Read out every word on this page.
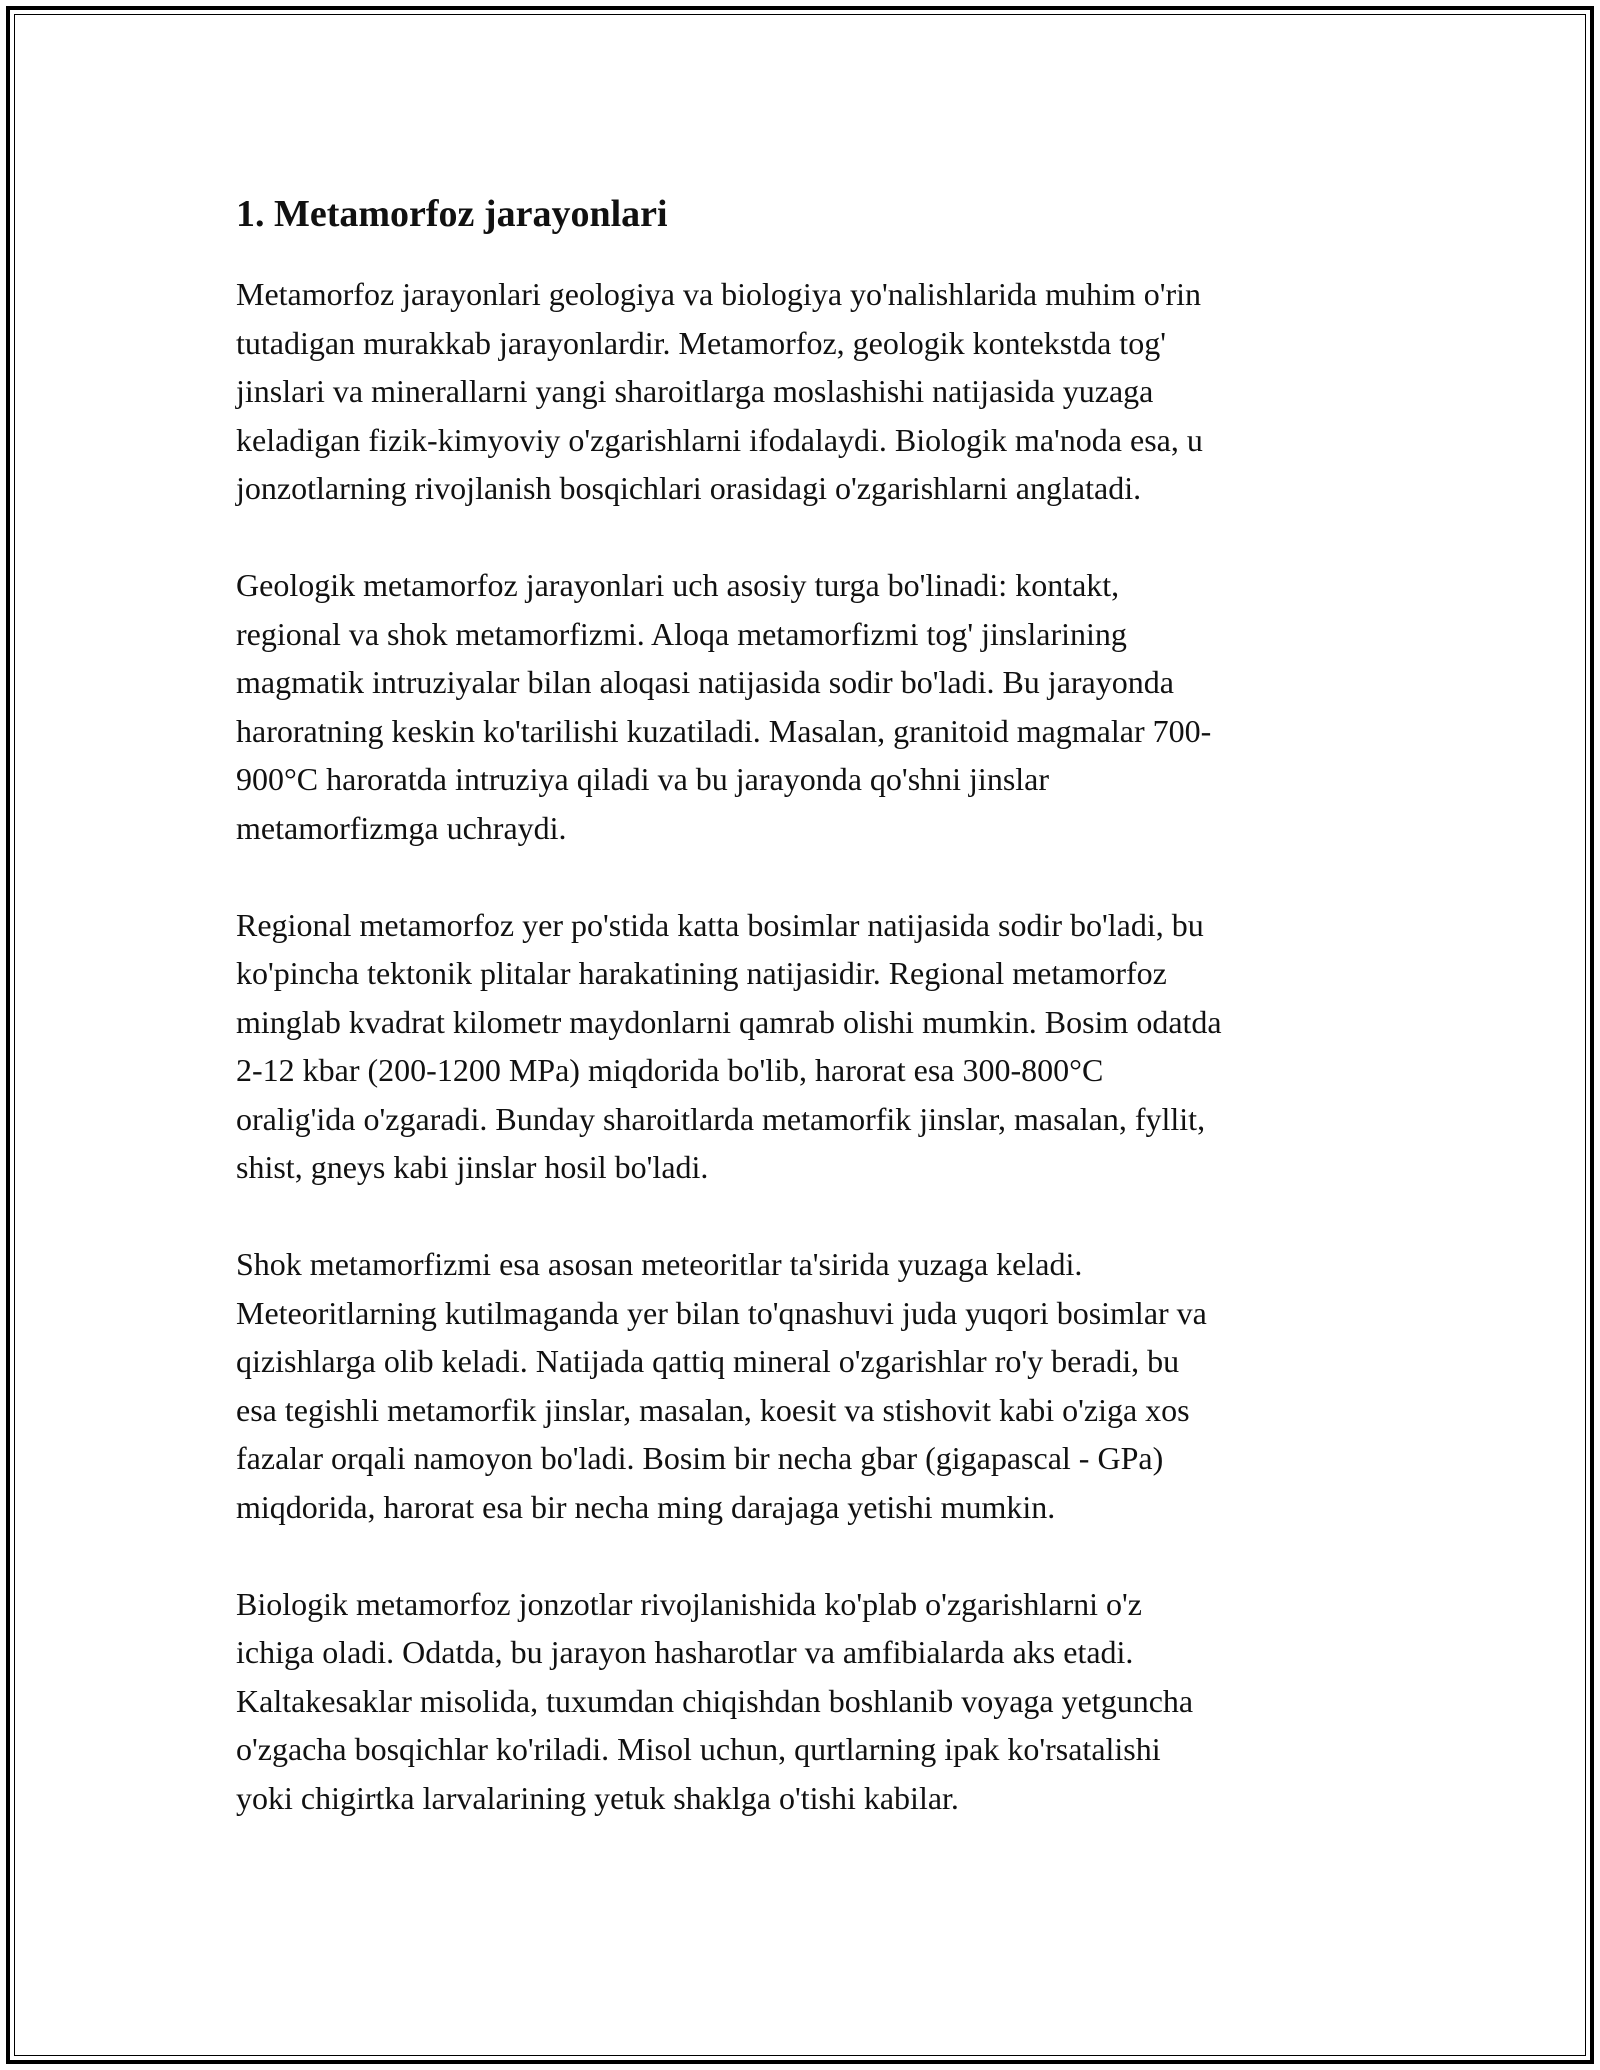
1. Metamorfoz jarayonlari

Metamorfoz jarayonlari geologiya va biologiya yo'nalishlarida muhim o'rin
tutadigan murakkab jarayonlardir. Metamorfoz, geologik kontekstda tog'
jinslari va minerallarni yangi sharoitlarga moslashishi natijasida yuzaga
keladigan fizik-kimyoviy o'zgarishlarni ifodalaydi. Biologik ma'noda esa, u
jonzotlarning rivojlanish bosqichlari orasidagi o'zgarishlarni anglatadi.

Geologik metamorfoz jarayonlari uch asosiy turga bo'linadi: kontakt,
regional va shok metamorfizmi. Aloqa metamorfizmi tog' jinslarining
magmatik intruziyalar bilan aloqasi natijasida sodir bo'ladi. Bu jarayonda
haroratning keskin ko'tarilishi kuzatiladi. Masalan, granitoid magmalar 700-
900°C haroratda intruziya qiladi va bu jarayonda qo'shni jinslar
metamorfizmga uchraydi.

Regional metamorfoz yer po'stida katta bosimlar natijasida sodir bo'ladi, bu
ko'pincha tektonik plitalar harakatining natijasidir. Regional metamorfoz
minglab kvadrat kilometr maydonlarni qamrab olishi mumkin. Bosim odatda
2-12 kbar (200-1200 MPa) miqdorida bo'lib, harorat esa 300-800°C
oralig'ida o'zgaradi. Bunday sharoitlarda metamorfik jinslar, masalan, fyllit,
shist, gneys kabi jinslar hosil bo'ladi.

Shok metamorfizmi esa asosan meteoritlar ta'sirida yuzaga keladi.
Meteoritlarning kutilmaganda yer bilan to'qnashuvi juda yuqori bosimlar va
qizishlarga olib keladi. Natijada qattiq mineral o'zgarishlar ro'y beradi, bu
esa tegishli metamorfik jinslar, masalan, koesit va stishovit kabi o'ziga xos
fazalar orqali namoyon bo'ladi. Bosim bir necha gbar (gigapascal - GPa)
miqdorida, harorat esa bir necha ming darajaga yetishi mumkin.

Biologik metamorfoz jonzotlar rivojlanishida ko'plab o'zgarishlarni o'z
ichiga oladi. Odatda, bu jarayon hasharotlar va amfibialarda aks etadi.
Kaltakesaklar misolida, tuxumdan chiqishdan boshlanib voyaga yetguncha
o'zgacha bosqichlar ko'riladi. Misol uchun, qurtlarning ipak ko'rsatalishi
yoki chigirtka larvalarining yetuk shaklga o'tishi kabilar.
